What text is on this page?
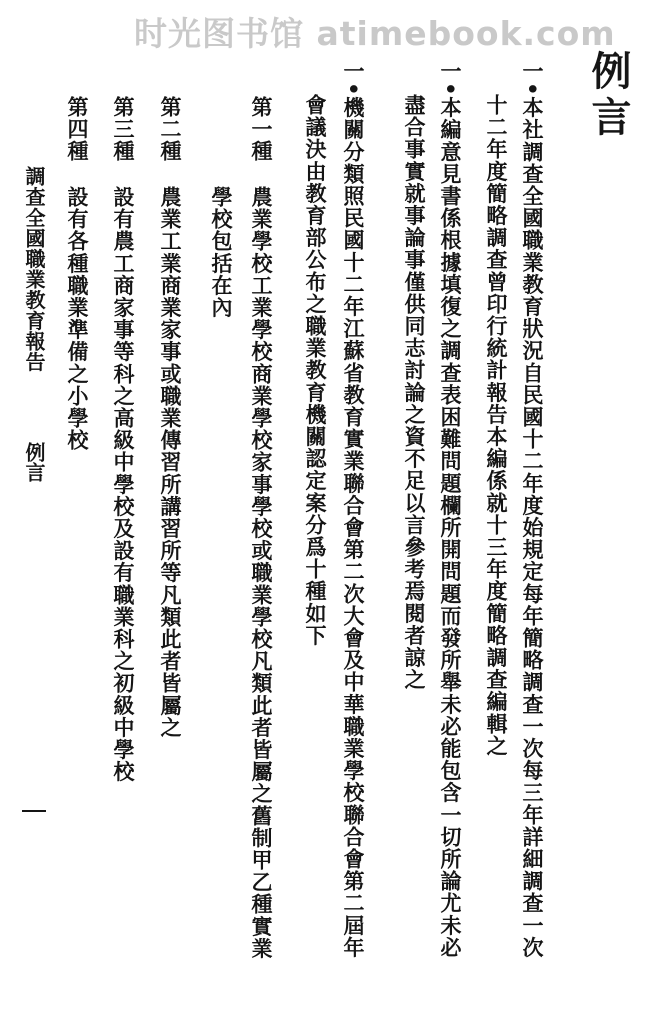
时光图书馆 atimebook.com
例言
一•本社調查全國職業教育狀況自民國十二年度始規定每年簡略調查一次每三年詳細調查一次
十二年度簡略調查曾印行統計報告本編係就十三年度簡略調查編輯之
一•本編意見書係根據填復之調查表困難問題欄所開問題而發所舉未必能包含一切所論尤未必
盡合事實就事論事僅供同志討論之資不足以言參考焉閱者諒之
一•機關分類照民國十二年江蘇省教育實業聯合會第二次大會及中華職業學校聯合會第二屆年
會議決由教育部公布之職業教育機關認定案分爲十種如下
第一種
農業學校工業學校商業學校家事學校或職業學校凡類此者皆屬之舊制甲乙種實業
學校包括在內
第二種
農業工業商業家事或職業傳習所講習所等凡類此者皆屬之
第三種
設有農工商家事等科之高級中學校及設有職業科之初級中學校
第四種
設有各種職業準備之小學校
調查全國職業教育報告
例言
